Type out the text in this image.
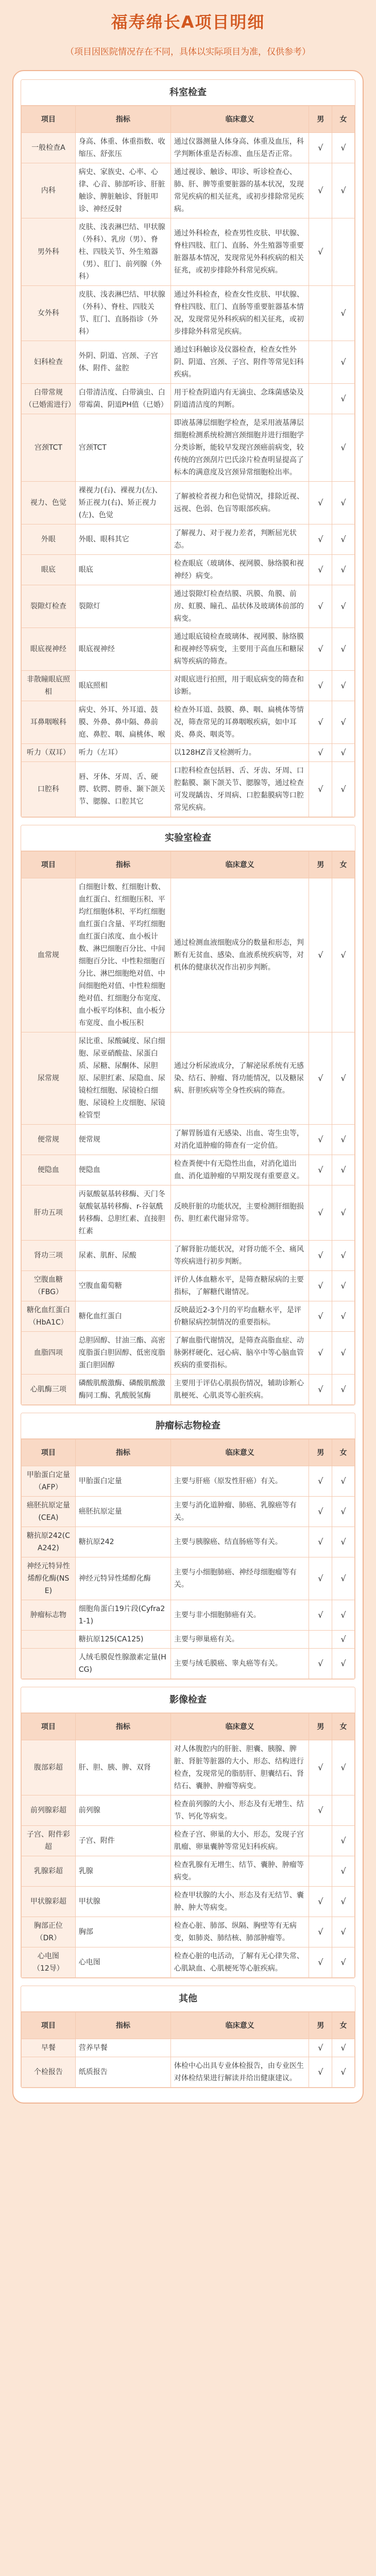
福寿绵长A项目明细
（项目因医院情况存在不同，具体以实际项目为准，仅供参考）
科室检查
项目	指标	临床意义	男	女
一般检查A	身高、体重、体重指数、收缩压、舒张压	通过仪器测量人体身高、体重及血压，科学判断体重是否标准、血压是否正常。	√	√
内科	病史、家族史、心率、心律、心音、肺部听诊、肝脏触诊、脾脏触诊、肾脏叩诊、神经反射	通过视诊、触诊、叩诊、听诊检查心、肺、肝、脾等重要脏器的基本状况，发现常见疾病的相关征兆，或初步排除常见疾病。	√	√
男外科	皮肤、浅表淋巴结、甲状腺（外科）、乳房（男）、脊柱、四肢关节、外生殖器（男）、肛门、前列腺（外科）	通过外科检查，检查男性皮肤、甲状腺、脊柱四肢、肛门、直肠、外生殖器等重要脏器基本情况，发现常见外科疾病的相关征兆，或初步排除外科常见疾病。	√	
女外科	皮肤、浅表淋巴结、甲状腺（外科）、脊柱、四肢关节、肛门、直肠指诊（外科）	通过外科检查，检查女性皮肤、甲状腺、脊柱四肢、肛门、直肠等重要脏器基本情况，发现常见外科疾病的相关征兆，或初步排除外科常见疾病。		√
妇科检查	外阴、阴道、宫颈、子宫体、附件、盆腔	通过妇科触诊及仪器检查，检查女性外阴、阴道、宫颈、子宫、附件等常见妇科疾病。		√
白带常规
（已婚需进行）	白带清洁度、白带滴虫、白带霉菌、阴道PH值（已婚）	用于检查阴道内有无滴虫、念珠菌感染及阴道清洁度的判断。		√
宫颈TCT	宫颈TCT	即液基薄层细胞学检查，是采用液基薄层细胞检测系统检测宫颈细胞并进行细胞学分类诊断，能较早发现宫颈癌前病变，较传统的宫颈刮片巴氏涂片检查明显提高了标本的满意度及宫颈异常细胞检出率。		√
视力、色觉	裸视力(右)、裸视力(左)、矫正视力(右)、矫正视力(左)、色觉	了解被检者视力和色觉情况，排除近视、远视、色弱、色盲等眼部疾病。	√	√
外眼	外眼、眼科其它	了解视力、对于视力差者，判断屈光状态。	√	√
眼底	眼底	检查眼底（玻璃体、视网膜、脉络膜和视神经）病变。	√	√
裂隙灯检查	裂隙灯	通过裂隙灯检查结膜、巩膜、角膜、前房、虹膜、瞳孔、晶状体及玻璃体前部的病变。	√	√
眼底视神经	眼底视神经	通过眼底镜检查玻璃体、视网膜、脉络膜和视神经等病变，主要用于高血压和糖尿病等疾病的筛查。	√	√
非散瞳眼底照相	眼底照相	对眼底进行拍照，用于眼底病变的筛查和诊断。	√	√
耳鼻咽喉科	病史、外耳、外耳道、鼓膜、外鼻、鼻中隔、鼻前庭、鼻腔、咽、扁桃体、喉	检查外耳道、鼓膜、鼻、咽、扁桃体等情况，筛查常见的耳鼻咽喉疾病，如中耳炎、鼻炎、咽炎等。	√	√
听力（双耳）	听力（左耳）	以128HZ音叉检测听力。	√	√
口腔科	唇、牙体、牙周、舌、硬腭、软腭、腭垂、颞下颌关节、腮腺、口腔其它	口腔科检查包括唇、舌、牙齿、牙周、口腔黏膜、颞下颌关节、腮腺等，通过检查可发现龋齿、牙周病、口腔黏膜病等口腔常见疾病。	√	√
实验室检查
项目	指标	临床意义	男	女
血常规	白细胞计数、红细胞计数、血红蛋白、红细胞压积、平均红细胞体积、平均红细胞血红蛋白含量、平均红细胞血红蛋白浓度、血小板计数、淋巴细胞百分比、中间细胞百分比、中性粒细胞百分比、淋巴细胞绝对值、中间细胞绝对值、中性粒细胞绝对值、红细胞分布宽度、血小板平均体积、血小板分布宽度、血小板压积	通过检测血液细胞成分的数量和形态，判断有无贫血、感染、血液系统疾病等，对机体的健康状况作出初步判断。	√	√
尿常规	尿比重、尿酸碱度、尿白细胞、尿亚硝酸盐、尿蛋白质、尿糖、尿酮体、尿胆原、尿胆红素、尿隐血、尿镜检红细胞、尿镜检白细胞、尿镜检上皮细胞、尿镜检管型	通过分析尿液成分，了解泌尿系统有无感染、结石、肿瘤、肾功能情况，以及糖尿病、肝胆疾病等全身性疾病的筛查。	√	√
便常规	便常规	了解胃肠道有无感染、出血、寄生虫等，对消化道肿瘤的筛查有一定价值。	√	√
便隐血	便隐血	检查粪便中有无隐性出血，对消化道出血、消化道肿瘤的早期发现有重要意义。	√	√
肝功五项	丙氨酸氨基转移酶、天门冬氨酸氨基转移酶、r-谷氨酰转移酶、总胆红素、直接胆红素	反映肝脏的功能状况，主要检测肝细胞损伤、胆红素代谢异常等。	√	√
肾功三项	尿素、肌酐、尿酸	了解肾脏功能状况，对肾功能不全、痛风等疾病进行初步判断。	√	√
空腹血糖
（FBG）	空腹血葡萄糖	评价人体血糖水平，是筛查糖尿病的主要指标，了解糖代谢情况。	√	√
糖化血红蛋白
（HbA1C）	糖化血红蛋白	反映最近2-3个月的平均血糖水平，是评价糖尿病控制情况的重要指标。	√	√
血脂四项	总胆固醇、甘油三酯、高密度脂蛋白胆固醇、低密度脂蛋白胆固醇	了解血脂代谢情况，是筛查高脂血症、动脉粥样硬化、冠心病、脑卒中等心脑血管疾病的重要指标。	√	√
心肌酶三项	磷酸肌酸激酶、磷酸肌酸激酶同工酶、乳酸脱氢酶	主要用于评估心肌损伤情况，辅助诊断心肌梗死、心肌炎等心脏疾病。	√	√
肿瘤标志物检查
项目	指标	临床意义	男	女
甲胎蛋白定量
（AFP）	甲胎蛋白定量	主要与肝癌（原发性肝癌）有关。	√	√
癌胚抗原定量(CEA)	癌胚抗原定量	主要与消化道肿瘤、肺癌、乳腺癌等有关。	√	√
糖抗原242(CA242)	糖抗原242	主要与胰腺癌、结直肠癌等有关。	√	√
神经元特异性烯醇化酶(NSE)	神经元特异性烯醇化酶	主要与小细胞肺癌、神经母细胞瘤等有关。	√	√
肿瘤标志物	细胞角蛋白19片段(Cyfra21-1)	主要与非小细胞肺癌有关。	√	√
	糖抗原125(CA125)	主要与卵巢癌有关。		√
	人绒毛膜促性腺激素定量(HCG)	主要与绒毛膜癌、睾丸癌等有关。	√	√
影像检查
项目	指标	临床意义	男	女
腹部彩超	肝、胆、胰、脾、双肾	对人体腹腔内的肝脏、胆囊、胰腺、脾脏、肾脏等脏器的大小、形态、结构进行检查，发现常见的脂肪肝、胆囊结石、肾结石、囊肿、肿瘤等病变。	√	√
前列腺彩超	前列腺	检查前列腺的大小、形态及有无增生、结节、钙化等病变。	√	
子宫、附件彩超	子宫、附件	检查子宫、卵巢的大小、形态，发现子宫肌瘤、卵巢囊肿等常见妇科疾病。		√
乳腺彩超	乳腺	检查乳腺有无增生、结节、囊肿、肿瘤等病变。		√
甲状腺彩超	甲状腺	检查甲状腺的大小、形态及有无结节、囊肿、肿大等病变。	√	√
胸部正位
（DR）	胸部	检查心脏、肺部、纵隔、胸壁等有无病变，如肺炎、肺结核、肺部肿瘤等。	√	√
心电图
（12导）	心电图	检查心脏的电活动，了解有无心律失常、心肌缺血、心肌梗死等心脏疾病。	√	√
其他
项目	指标	临床意义	男	女
早餐	营养早餐		√	√
个检报告	纸质报告	体检中心出具专业体检报告，由专业医生对体检结果进行解读并给出健康建议。	√	√
